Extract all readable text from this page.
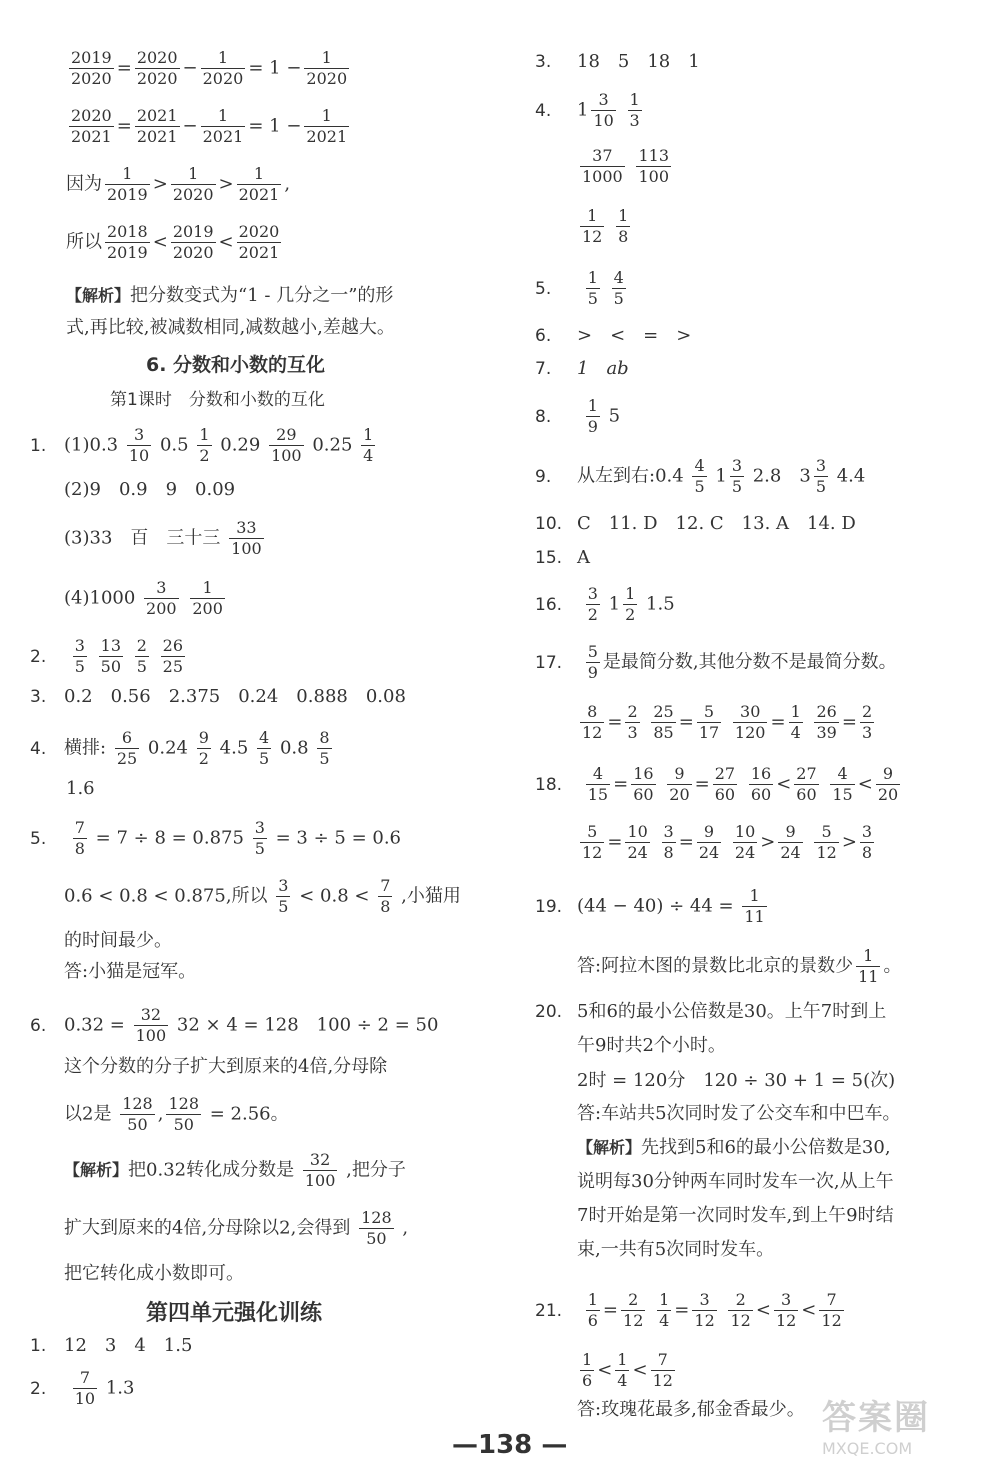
$\frac{2019}{2020} = \frac{2020}{2020} - \frac{1}{2020} = 1 - \frac{1}{2020}$
$\frac{2020}{2021} = \frac{2021}{2021} - \frac{1}{2021} = 1 - \frac{1}{2021}$
因为 $\frac{1}{2019} > \frac{1}{2020} > \frac{1}{2021}$ ,
所以 $\frac{2018}{2019} < \frac{2019}{2020} < \frac{2020}{2021}$
【解析】把分数变式为“1 - 几分之一”的形
式,再比较,被减数相同,减数越小,差越大。
6. 分数和小数的互化
第1课时　分数和小数的互化
1. $(1)0.3 \frac{3}{10} 0.5 \frac{1}{2} 0.29 \frac{29}{100} 0.25 \frac{1}{4}$
(2)9　0.9　9　0.09
(3)33　百　三十三 $\frac{33}{100}$
$(4)1000 \frac{3}{200}$
$\frac{1}{200}$
2. $\frac{3}{5}$
$\frac{13}{50}$
$\frac{2}{5}$
$\frac{26}{25}$
3. 0.2　0.56　2.375　0.24　0.888　0.08
4. 横排: $\frac{6}{25} 0.24 \frac{9}{2} 4.5 \frac{4}{5} 0.8 \frac{8}{5}$
1.6
5. $\frac{7}{8} = 7 \div 8 = 0.875 \frac{3}{5} = 3 \div 5 = 0.6$
0.6 < 0.8 < 0.875,所以 $\frac{3}{5} < 0.8 < \frac{7}{8}$ ,小猫用
的时间最少。
答:小猫是冠军。
6. $0.32 = \frac{32}{100} 32 \times 4 = 128$　100 ÷ 2 = 50
这个分数的分子扩大到原来的4倍,分母除
以2是 $\frac{128}{50}$ , $\frac{128}{50} = 2.56$。
【解析】把0.32转化成分数是 $\frac{32}{100}$ ,把分子
扩大到原来的4倍,分母除以2,会得到 $\frac{128}{50}$ ,
把它转化成小数即可。
第四单元强化训练
1. 12　3　4　1.5
2. $\frac{7}{10} 1.3$
3. 18　5　18　1
4. $1 \frac{3}{10}$
$\frac{1}{3}$
$\frac{37}{1000}$
$\frac{113}{100}$
$\frac{1}{12}$
$\frac{1}{8}$
5. $\frac{1}{5}$
$\frac{4}{5}$
6. >　<　=　>
7. 1　ab
8. $\frac{1}{9} 5$
9. 从左到右:0.4 $\frac{4}{5} 1 \frac{3}{5} 2.8$　$3 \frac{3}{5} 4.4$
10. C　11. D　12. C　13. A　14. D
15. A
16. $\frac{3}{2} 1 \frac{1}{2} 1.5$
17. $\frac{5}{9}$ 是最简分数,其他分数不是最简分数。
$\frac{8}{12} = \frac{2}{3}$
$\frac{25}{85} = \frac{5}{17}$
$\frac{30}{120} = \frac{1}{4}$
$\frac{26}{39} = \frac{2}{3}$
18. $\frac{4}{15} = \frac{16}{60}$
$\frac{9}{20} = \frac{27}{60}$
$\frac{16}{60} < \frac{27}{60}$
$\frac{4}{15} < \frac{9}{20}$
$\frac{5}{12} = \frac{10}{24}$
$\frac{3}{8} = \frac{9}{24}$
$\frac{10}{24} > \frac{9}{24}$
$\frac{5}{12} > \frac{3}{8}$
19. $(44 - 40) \div 44 = \frac{1}{11}$
答:阿拉木图的景数比北京的景数少 $\frac{1}{11}$ 。
20. 5和6的最小公倍数是30。上午7时到上
午9时共2个小时。
2时 = 120分　120 ÷ 30 + 1 = 5(次)
答:车站共5次同时发了公交车和中巴车。
【解析】先找到5和6的最小公倍数是30,
说明每30分钟两车同时发车一次,从上午
7时开始是第一次同时发车,到上午9时结
束,一共有5次同时发车。
21. $\frac{1}{6} = \frac{2}{12}$
$\frac{1}{4} = \frac{3}{12}$
$\frac{2}{12} < \frac{3}{12} < \frac{7}{12}$
$\frac{1}{6} < \frac{1}{4} < \frac{7}{12}$
答:玫瑰花最多,郁金香最少。
—138 —
答案圈
MXQE.COM
